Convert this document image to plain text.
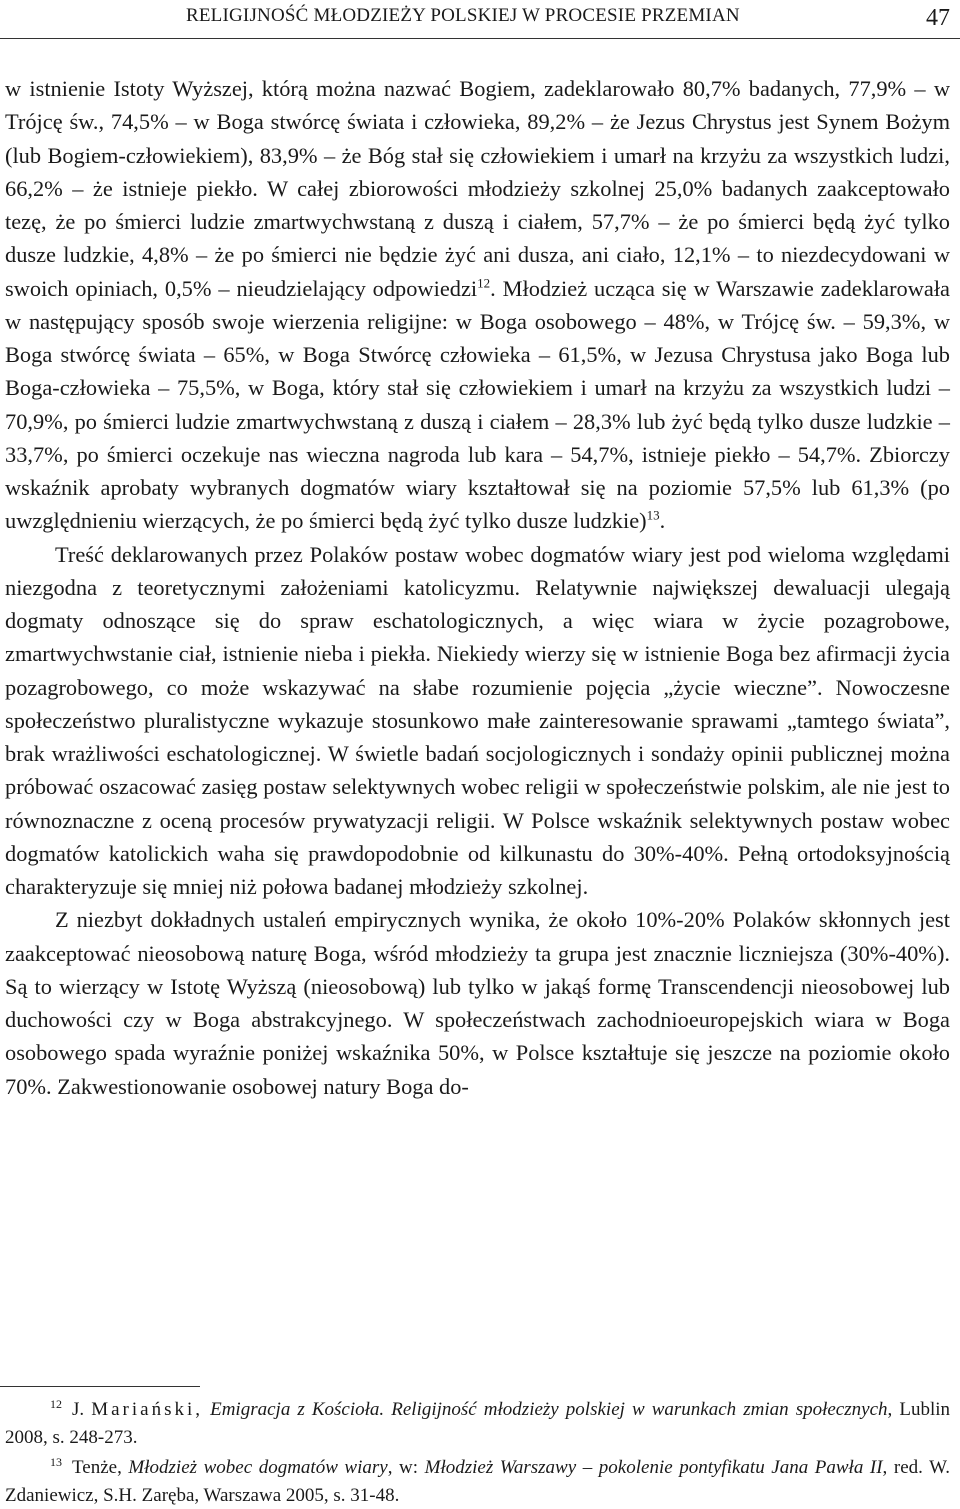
RELIGIJNOŚĆ MŁODZIEŻY POLSKIEJ W PROCESIE PRZEMIAN	47

w istnienie Istoty Wyższej, którą można nazwać Bogiem, zadeklarowało 80,7% badanych, 77,9% – w Trójcę św., 74,5% – w Boga stwórcę świata i człowieka, 89,2% – że Jezus Chrystus jest Synem Bożym (lub Bogiem-człowiekiem), 83,9% – że Bóg stał się człowiekiem i umarł na krzyżu za wszystkich ludzi, 66,2% – że istnieje piekło. W całej zbiorowości młodzieży szkolnej 25,0% badanych zaakceptowało tezę, że po śmierci ludzie zmartwychwstaną z duszą i ciałem, 57,7% – że po śmierci będą żyć tylko dusze ludzkie, 4,8% – że po śmierci nie będzie żyć ani dusza, ani ciało, 12,1% – to niezdecydowani w swoich opiniach, 0,5% – nieudzielający odpowiedzi$^{12}$. Młodzież ucząca się w Warszawie zadeklarowała w następujący sposób swoje wierzenia religijne: w Boga osobowego – 48%, w Trójcę św. – 59,3%, w Boga stwórcę świata – 65%, w Boga Stwórcę człowieka – 61,5%, w Jezusa Chrystusa jako Boga lub Boga-człowieka – 75,5%, w Boga, który stał się człowiekiem i umarł na krzyżu za wszystkich ludzi – 70,9%, po śmierci ludzie zmartwychwstaną z duszą i ciałem – 28,3% lub żyć będą tylko dusze ludzkie – 33,7%, po śmierci oczekuje nas wieczna nagroda lub kara – 54,7%, istnieje piekło – 54,7%. Zbiorczy wskaźnik aprobaty wybranych dogmatów wiary kształtował się na poziomie 57,5% lub 61,3% (po uwzględnieniu wierzących, że po śmierci będą żyć tylko dusze ludzkie)$^{13}$.

Treść deklarowanych przez Polaków postaw wobec dogmatów wiary jest pod wieloma względami niezgodna z teoretycznymi założeniami katolicyzmu. Relatywnie największej dewaluacji ulegają dogmaty odnoszące się do spraw eschatologicznych, a więc wiara w życie pozagrobowe, zmartwychwstanie ciał, istnienie nieba i piekła. Niekiedy wierzy się w istnienie Boga bez afirmacji życia pozagrobowego, co może wskazywać na słabe rozumienie pojęcia „życie wieczne”. Nowoczesne społeczeństwo pluralistyczne wykazuje stosunkowo małe zainteresowanie sprawami „tamtego świata”, brak wrażliwości eschatologicznej. W świetle badań socjologicznych i sondaży opinii publicznej można próbować oszacować zasięg postaw selektywnych wobec religii w społeczeństwie polskim, ale nie jest to równoznaczne z oceną procesów prywatyzacji religii. W Polsce wskaźnik selektywnych postaw wobec dogmatów katolickich waha się prawdopodobnie od kilkunastu do 30%-40%. Pełną ortodoksyjnością charakteryzuje się mniej niż połowa badanej młodzieży szkolnej.

Z niezbyt dokładnych ustaleń empirycznych wynika, że około 10%-20% Polaków skłonnych jest zaakceptować nieosobową naturę Boga, wśród młodzieży ta grupa jest znacznie liczniejsza (30%-40%). Są to wierzący w Istotę Wyższą (nieosobową) lub tylko w jakąś formę Transcendencji nieosobowej lub duchowości czy w Boga abstrakcyjnego. W społeczeństwach zachodnioeuropejskich wiara w Boga osobowego spada wyraźnie poniżej wskaźnika 50%, w Polsce kształtuje się jeszcze na poziomie około 70%. Zakwestionowanie osobowej natury Boga do-

$^{12}$ J. Mariański, Emigracja z Kościoła. Religijność młodzieży polskiej w warunkach zmian społecznych, Lublin 2008, s. 248-273.

$^{13}$ Tenże, Młodzież wobec dogmatów wiary, w: Młodzież Warszawy – pokolenie pontyfikatu Jana Pawła II, red. W. Zdaniewicz, S.H. Zaręba, Warszawa 2005, s. 31-48.
